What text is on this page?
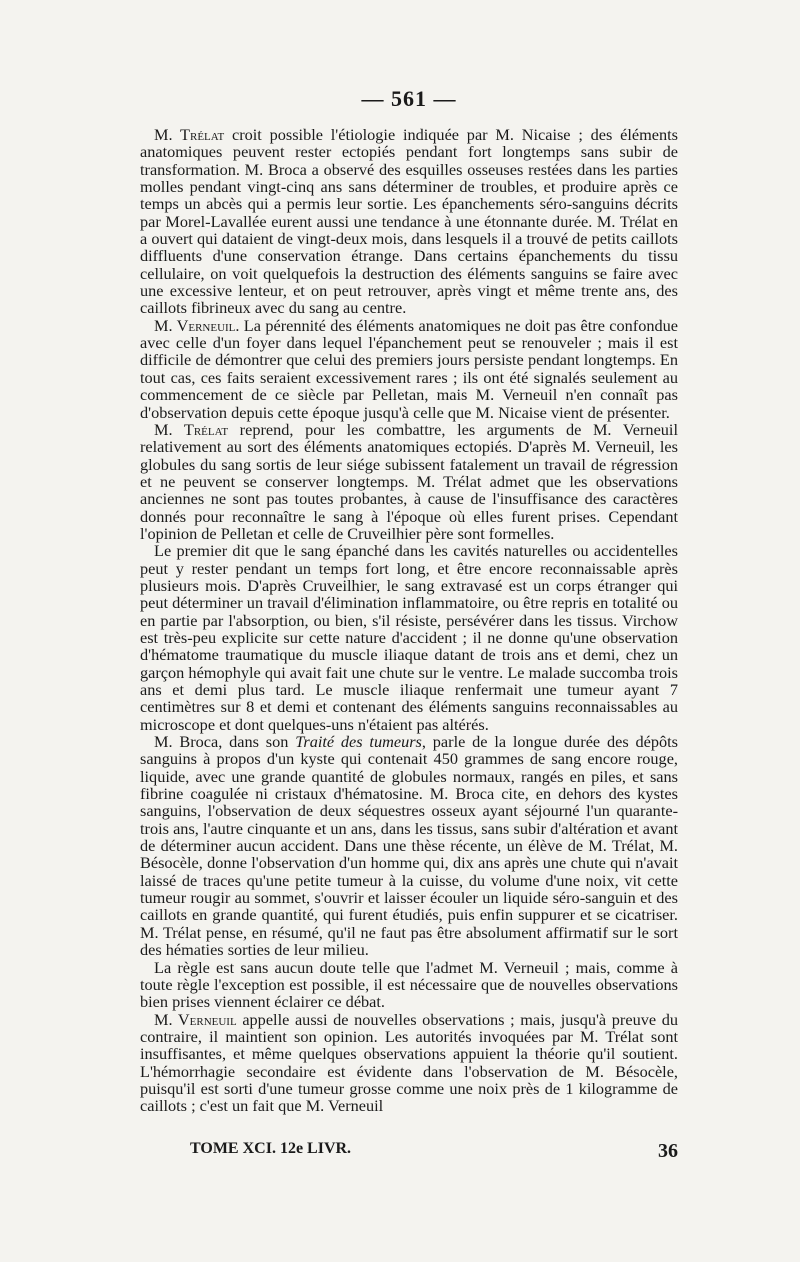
— 561 —

M. Trélat croit possible l'étiologie indiquée par M. Nicaise ; des éléments anatomiques peuvent rester ectopiés pendant fort longtemps sans subir de transformation. M. Broca a observé des esquilles osseuses restées dans les parties molles pendant vingt-cinq ans sans déterminer de troubles, et produire après ce temps un abcès qui a permis leur sortie. Les épanchements séro-sanguins décrits par Morel-Lavallée eurent aussi une tendance à une étonnante durée. M. Trélat en a ouvert qui dataient de vingt-deux mois, dans lesquels il a trouvé de petits caillots diffluents d'une conservation étrange. Dans certains épanchements du tissu cellulaire, on voit quelquefois la destruction des éléments sanguins se faire avec une excessive lenteur, et on peut retrouver, après vingt et même trente ans, des caillots fibrineux avec du sang au centre.

M. Verneuil. La pérennité des éléments anatomiques ne doit pas être confondue avec celle d'un foyer dans lequel l'épanchement peut se renouveler ; mais il est difficile de démontrer que celui des premiers jours persiste pendant longtemps. En tout cas, ces faits seraient excessivement rares ; ils ont été signalés seulement au commencement de ce siècle par Pelletan, mais M. Verneuil n'en connaît pas d'observation depuis cette époque jusqu'à celle que M. Nicaise vient de présenter.

M. Trélat reprend, pour les combattre, les arguments de M. Verneuil relativement au sort des éléments anatomiques ectopiés. D'après M. Verneuil, les globules du sang sortis de leur siége subissent fatalement un travail de régression et ne peuvent se conserver longtemps. M. Trélat admet que les observations anciennes ne sont pas toutes probantes, à cause de l'insuffisance des caractères donnés pour reconnaître le sang à l'époque où elles furent prises. Cependant l'opinion de Pelletan et celle de Cruveilhier père sont formelles.

Le premier dit que le sang épanché dans les cavités naturelles ou accidentelles peut y rester pendant un temps fort long, et être encore reconnaissable après plusieurs mois. D'après Cruveilhier, le sang extravasé est un corps étranger qui peut déterminer un travail d'élimination inflammatoire, ou être repris en totalité ou en partie par l'absorption, ou bien, s'il résiste, persévérer dans les tissus. Virchow est très-peu explicite sur cette nature d'accident ; il ne donne qu'une observation d'hématome traumatique du muscle iliaque datant de trois ans et demi, chez un garçon hémophyle qui avait fait une chute sur le ventre. Le malade succomba trois ans et demi plus tard. Le muscle iliaque renfermait une tumeur ayant 7 centimètres sur 8 et demi et contenant des éléments sanguins reconnaissables au microscope et dont quelques-uns n'étaient pas altérés.

M. Broca, dans son Traité des tumeurs, parle de la longue durée des dépôts sanguins à propos d'un kyste qui contenait 450 grammes de sang encore rouge, liquide, avec une grande quantité de globules normaux, rangés en piles, et sans fibrine coagulée ni cristaux d'hématosine. M. Broca cite, en dehors des kystes sanguins, l'observation de deux séquestres osseux ayant séjourné l'un quarante-trois ans, l'autre cinquante et un ans, dans les tissus, sans subir d'altération et avant de déterminer aucun accident. Dans une thèse récente, un élève de M. Trélat, M. Bésocèle, donne l'observation d'un homme qui, dix ans après une chute qui n'avait laissé de traces qu'une petite tumeur à la cuisse, du volume d'une noix, vit cette tumeur rougir au sommet, s'ouvrir et laisser écouler un liquide séro-sanguin et des caillots en grande quantité, qui furent étudiés, puis enfin suppurer et se cicatriser. M. Trélat pense, en résumé, qu'il ne faut pas être absolument affirmatif sur le sort des hématies sorties de leur milieu.

La règle est sans aucun doute telle que l'admet M. Verneuil ; mais, comme à toute règle l'exception est possible, il est nécessaire que de nouvelles observations bien prises viennent éclairer ce débat.

M. Verneuil appelle aussi de nouvelles observations ; mais, jusqu'à preuve du contraire, il maintient son opinion. Les autorités invoquées par M. Trélat sont insuffisantes, et même quelques observations appuient la théorie qu'il soutient. L'hémorrhagie secondaire est évidente dans l'observation de M. Bésocèle, puisqu'il est sorti d'une tumeur grosse comme une noix près de 1 kilogramme de caillots ; c'est un fait que M. Verneuil

TOME XCI. 12e LIVR.	36
